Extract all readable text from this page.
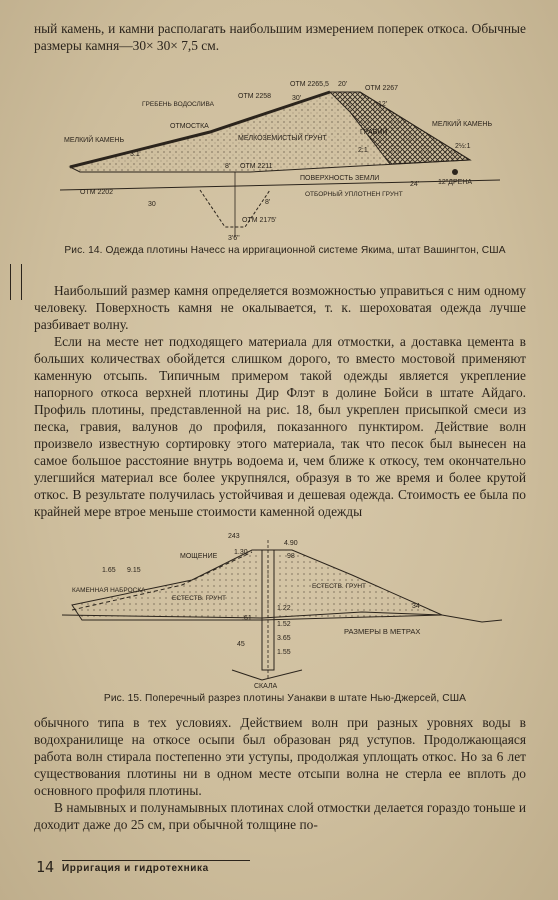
ный камень, и камни располагать наибольшим измерением поперек откоса. Обычные размеры камня—30× 30× 7,5 см.

ОТМ 2265,5 20'
ОТМ 2267
ОТМ 2258	30'
ГРЕБЕНЬ ВОДОСЛИВА	12'
ОТМОСТКА
МЕЛКИЙ КАМЕНЬ	МЕЛКОЗЕМИСТЫЙ ГРУНТ
ГРАВИЙ
МЕЛКИЙ КАМЕНЬ
3:1
2:1
2½:1
ОТМ 2211
8'
ПОВЕРХНОСТЬ ЗЕМЛИ
24'	12"ДРЕНА
ОТМ 2202
30
ОТБОРНЫЙ УПЛОТНЕН ГРУНТ
8'
ОТМ 2175'
3'6"
Рис. 14. Одежда плотины Начесс на ирригационной системе Якима, штат Вашингтон, США

Наибольший размер камня определяется возможностью управиться с ним одному человеку. Поверхность камня не окалывается, т. к. шероховатая одежда лучше разбивает волну.

Если на месте нет подходящего материала для отмостки, а доставка цемента в больших количествах обойдется слишком дорого, то вместо мостовой применяют каменную отсыпь. Типичным примером такой одежды является укрепление напорного откоса верхней плотины Дир Флэт в долине Бойси в штате Айдаго. Профиль плотины, представленной на рис. 18, был укреплен присыпкой смеси из песка, гравия, валунов до профиля, показанного пунктиром. Действие волн произвело известную сортировку этого материала, так что песок был вынесен на самое большое расстояние внутрь водоема и, чем ближе к откосу, тем окончательно улегшийся материал все более укрупнялся, образуя в то же время и более крутой откос. В результате получилась устойчивая и дешевая одежда. Стоимость ее была по крайней мере втрое меньше стоимости каменной одежды

243
4.90
МОЩЕНИЕ
1.30
98
1.65 9.15
КАМЕННАЯ НАБРОСКА
ЕСТЕСТВ. ГРУНТ
ЕСТЕСТВ. ГРУНТ
34
1.22
1.52
.61
3.65
1.55
45
РАЗМЕРЫ В МЕТРАХ
СКАЛА
Рис. 15. Поперечный разрез плотины Уанакви в штате Нью-Джерсей, США

обычного типа в тех условиях. Действием волн при разных уровнях воды в водохранилище на откосе осыпи был образован ряд уступов. Продолжающаяся работа волн стирала постепенно эти уступы, продолжая уплощать откос. Но за 6 лет существования плотины ни в одном месте отсыпи волна не стерла ее вплоть до основного профиля плотины.

В намывных и полунамывных плотинах слой отмостки делается гораздо тоньше и доходит даже до 25 см, при обычной толщине по-

14 Ирригация и гидротехника
